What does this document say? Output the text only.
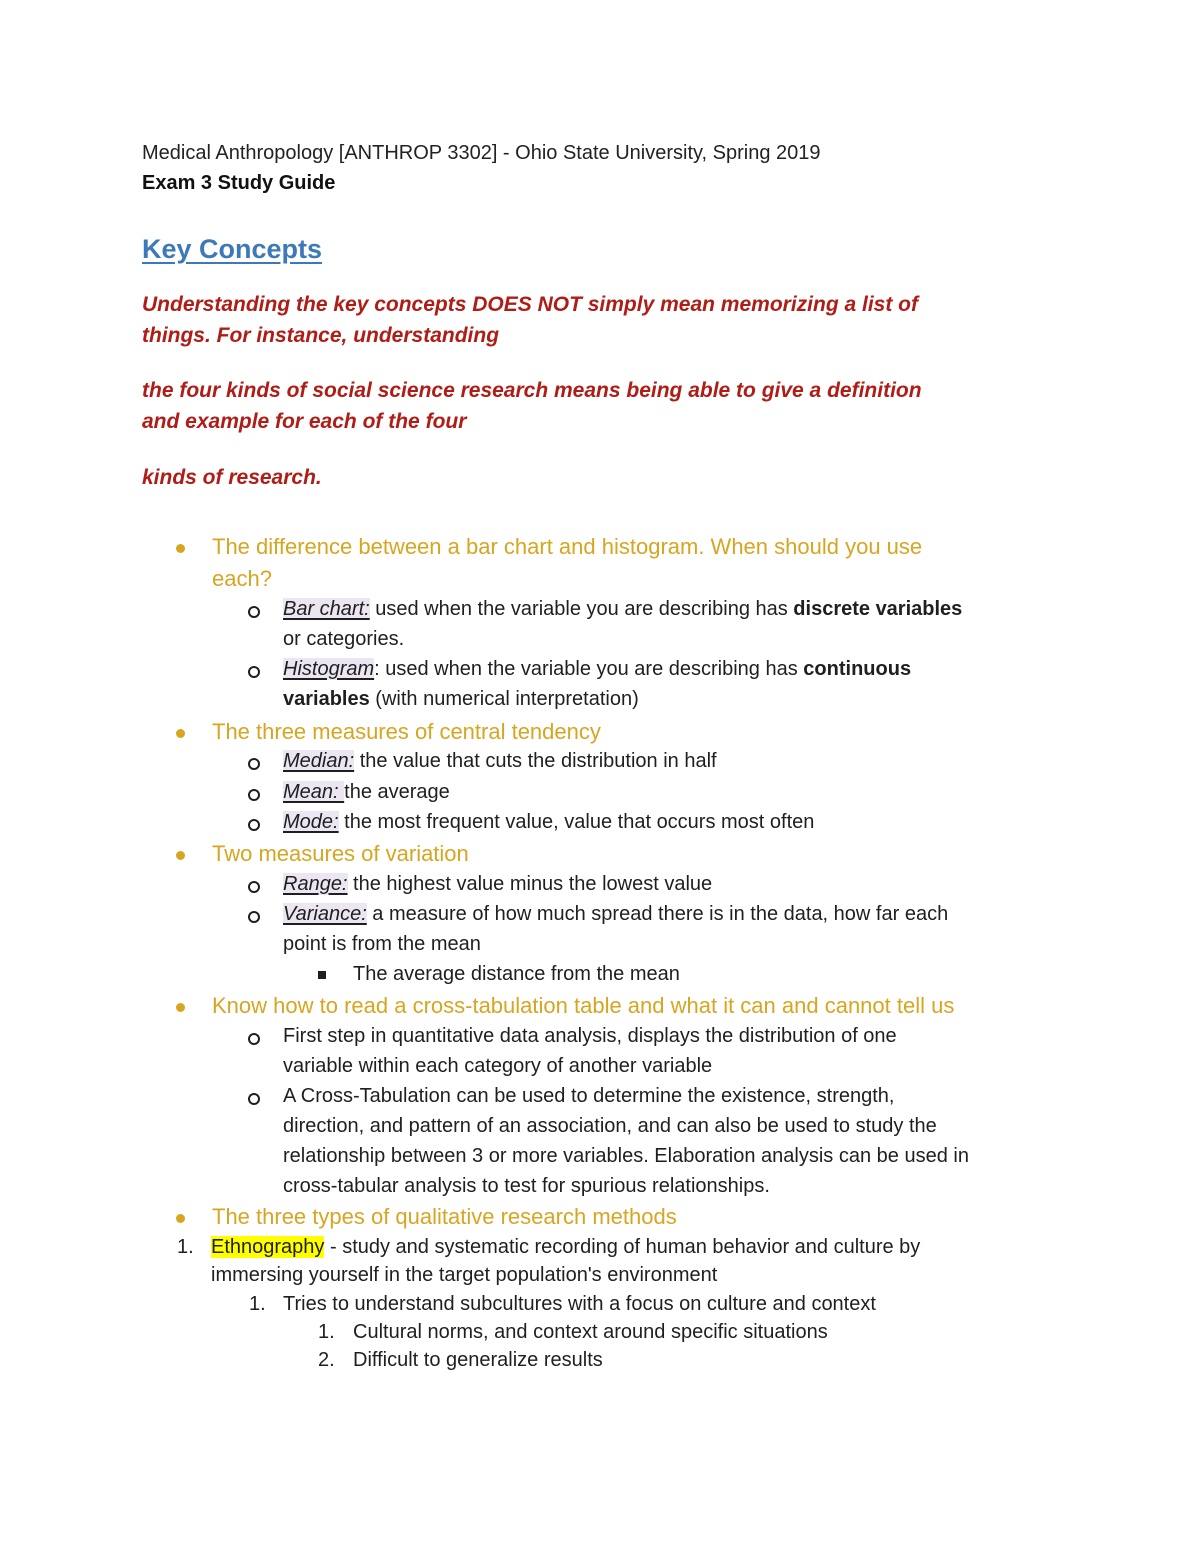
Medical Anthropology [ANTHROP 3302] - Ohio State University, Spring 2019
Exam 3 Study Guide
Key Concepts
Understanding the key concepts DOES NOT simply mean memorizing a list of
things. For instance, understanding
the four kinds of social science research means being able to give a definition
and example for each of the four
kinds of research.
The difference between a bar chart and histogram. When should you use
each?
Bar chart: used when the variable you are describing has discrete variables
or categories.
Histogram: used when the variable you are describing has continuous
variables (with numerical interpretation)
The three measures of central tendency
Median: the value that cuts the distribution in half
Mean: the average
Mode: the most frequent value, value that occurs most often
Two measures of variation
Range: the highest value minus the lowest value
Variance: a measure of how much spread there is in the data, how far each
point is from the mean
The average distance from the mean
Know how to read a cross-tabulation table and what it can and cannot tell us
First step in quantitative data analysis, displays the distribution of one
variable within each category of another variable
A Cross-Tabulation can be used to determine the existence, strength,
direction, and pattern of an association, and can also be used to study the
relationship between 3 or more variables. Elaboration analysis can be used in
cross-tabular analysis to test for spurious relationships.
The three types of qualitative research methods
1. Ethnography - study and systematic recording of human behavior and culture by
immersing yourself in the target population's environment
1. Tries to understand subcultures with a focus on culture and context
1. Cultural norms, and context around specific situations
2. Difficult to generalize results
